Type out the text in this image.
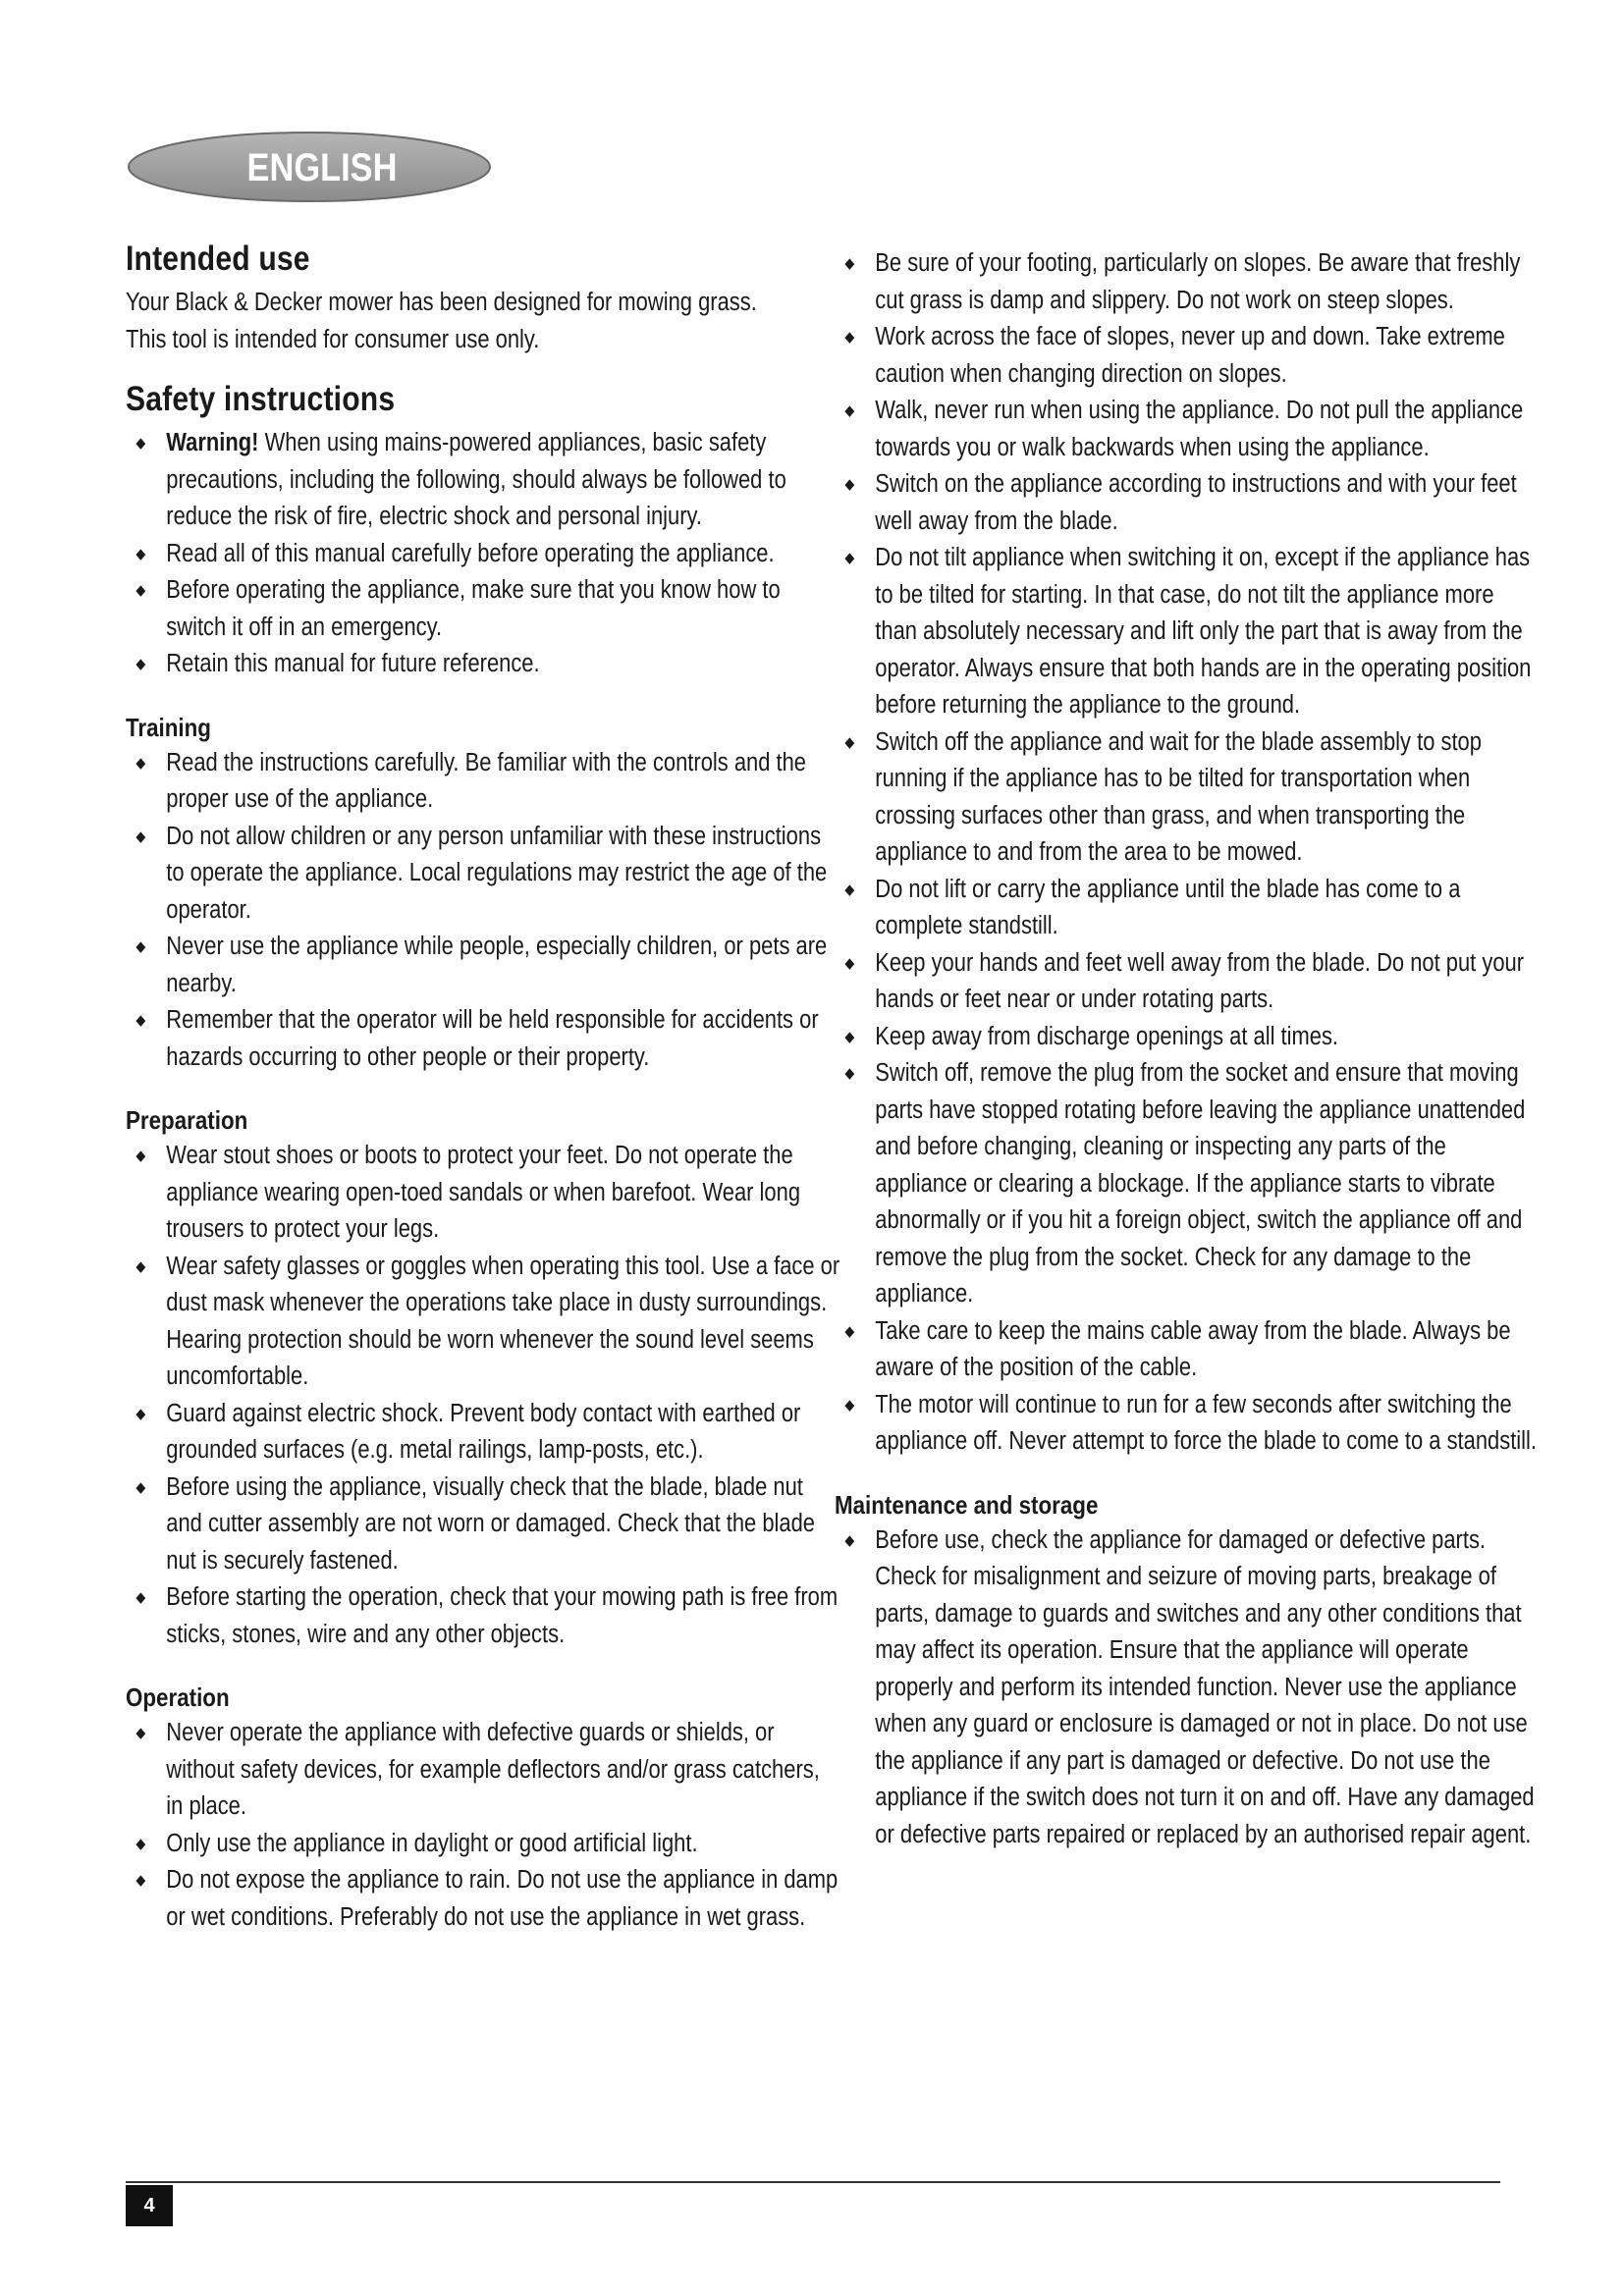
ENGLISH
Intended use

Your Black & Decker mower has been designed for mowing grass. This tool is intended for consumer use only.

Safety instructions
◆ Warning! When using mains-powered appliances, basic safety precautions, including the following, should always be followed to reduce the risk of fire, electric shock and personal injury.
◆ Read all of this manual carefully before operating the appliance.
◆ Before operating the appliance, make sure that you know how to switch it off in an emergency.
◆ Retain this manual for future reference.
Training
◆ Read the instructions carefully. Be familiar with the controls and the proper use of the appliance.
◆ Do not allow children or any person unfamiliar with these instructions to operate the appliance. Local regulations may restrict the age of the operator.
◆ Never use the appliance while people, especially children, or pets are nearby.
◆ Remember that the operator will be held responsible for accidents or hazards occurring to other people or their property.
Preparation
◆ Wear stout shoes or boots to protect your feet. Do not operate the appliance wearing open-toed sandals or when barefoot. Wear long trousers to protect your legs.
◆ Wear safety glasses or goggles when operating this tool. Use a face or dust mask whenever the operations take place in dusty surroundings. Hearing protection should be worn whenever the sound level seems uncomfortable.
◆ Guard against electric shock. Prevent body contact with earthed or grounded surfaces (e.g. metal railings, lamp-posts, etc.).
◆ Before using the appliance, visually check that the blade, blade nut and cutter assembly are not worn or damaged. Check that the blade nut is securely fastened.
◆ Before starting the operation, check that your mowing path is free from sticks, stones, wire and any other objects.
Operation
◆ Never operate the appliance with defective guards or shields, or without safety devices, for example deflectors and/or grass catchers, in place.
◆ Only use the appliance in daylight or good artificial light.
◆ Do not expose the appliance to rain. Do not use the appliance in damp or wet conditions. Preferably do not use the appliance in wet grass.
◆ Be sure of your footing, particularly on slopes. Be aware that freshly cut grass is damp and slippery. Do not work on steep slopes.
◆ Work across the face of slopes, never up and down. Take extreme caution when changing direction on slopes.
◆ Walk, never run when using the appliance. Do not pull the appliance towards you or walk backwards when using the appliance.
◆ Switch on the appliance according to instructions and with your feet well away from the blade.
◆ Do not tilt appliance when switching it on, except if the appliance has to be tilted for starting. In that case, do not tilt the appliance more than absolutely necessary and lift only the part that is away from the operator. Always ensure that both hands are in the operating position before returning the appliance to the ground.
◆ Switch off the appliance and wait for the blade assembly to stop running if the appliance has to be tilted for transportation when crossing surfaces other than grass, and when transporting the appliance to and from the area to be mowed.
◆ Do not lift or carry the appliance until the blade has come to a complete standstill.
◆ Keep your hands and feet well away from the blade. Do not put your hands or feet near or under rotating parts.
◆ Keep away from discharge openings at all times.
◆ Switch off, remove the plug from the socket and ensure that moving parts have stopped rotating before leaving the appliance unattended and before changing, cleaning or inspecting any parts of the appliance or clearing a blockage. If the appliance starts to vibrate abnormally or if you hit a foreign object, switch the appliance off and remove the plug from the socket. Check for any damage to the appliance.
◆ Take care to keep the mains cable away from the blade. Always be aware of the position of the cable.
◆ The motor will continue to run for a few seconds after switching the appliance off. Never attempt to force the blade to come to a standstill.
Maintenance and storage
◆ Before use, check the appliance for damaged or defective parts. Check for misalignment and seizure of moving parts, breakage of parts, damage to guards and switches and any other conditions that may affect its operation. Ensure that the appliance will operate properly and perform its intended function. Never use the appliance when any guard or enclosure is damaged or not in place. Do not use the appliance if any part is damaged or defective. Do not use the appliance if the switch does not turn it on and off. Have any damaged or defective parts repaired or replaced by an authorised repair agent.
4
